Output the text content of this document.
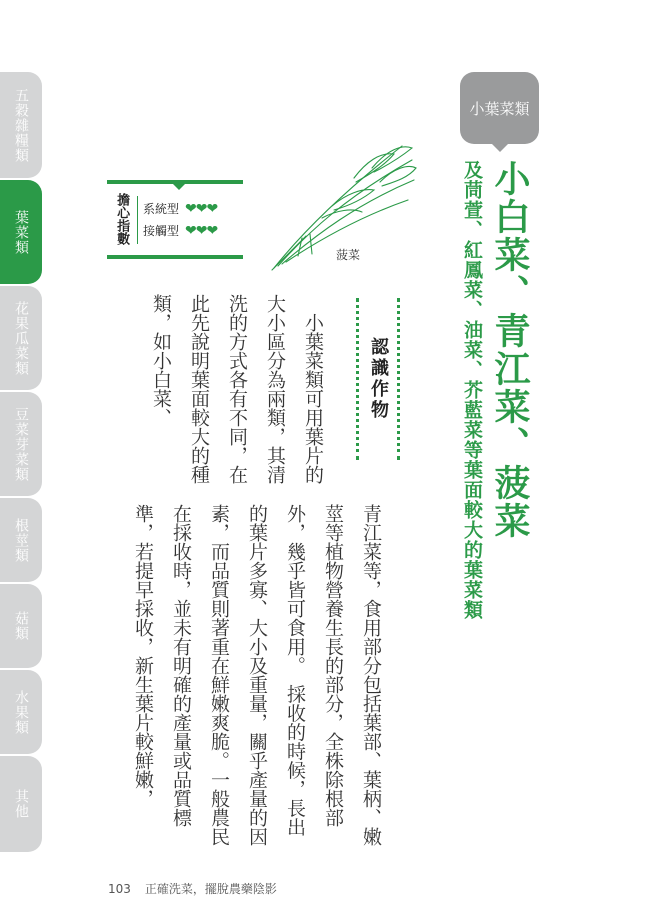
五穀雜糧類
葉菜類
花果瓜菜類
豆菜芽菜類
根莖類
菇類
水果類
其他
小葉菜類
小白菜、青江菜、菠菜
及茼萱、紅鳳菜、油菜、芥藍菜等葉面較大的葉菜類
菠菜
擔心指數	系統型 ❤❤❤
接觸型 ❤❤❤
認識作物

　小葉菜類可用葉片的大小區分為兩類，其清洗的方式各有不同，在此先說明葉面較大的種類，如小白菜、

青江菜等，食用部分包括葉部、葉柄、嫩莖等植物營養生長的部分，全株除根部外，幾乎皆可食用。　採收的時候，長出的葉片多寡、大小及重量，關乎產量的因素，而品質則著重在鮮嫩爽脆。一般農民在採收時，並未有明確的產量或品質標準，若提早採收，新生葉片較鮮嫩，

103 正確洗菜，擺脫農藥陰影
